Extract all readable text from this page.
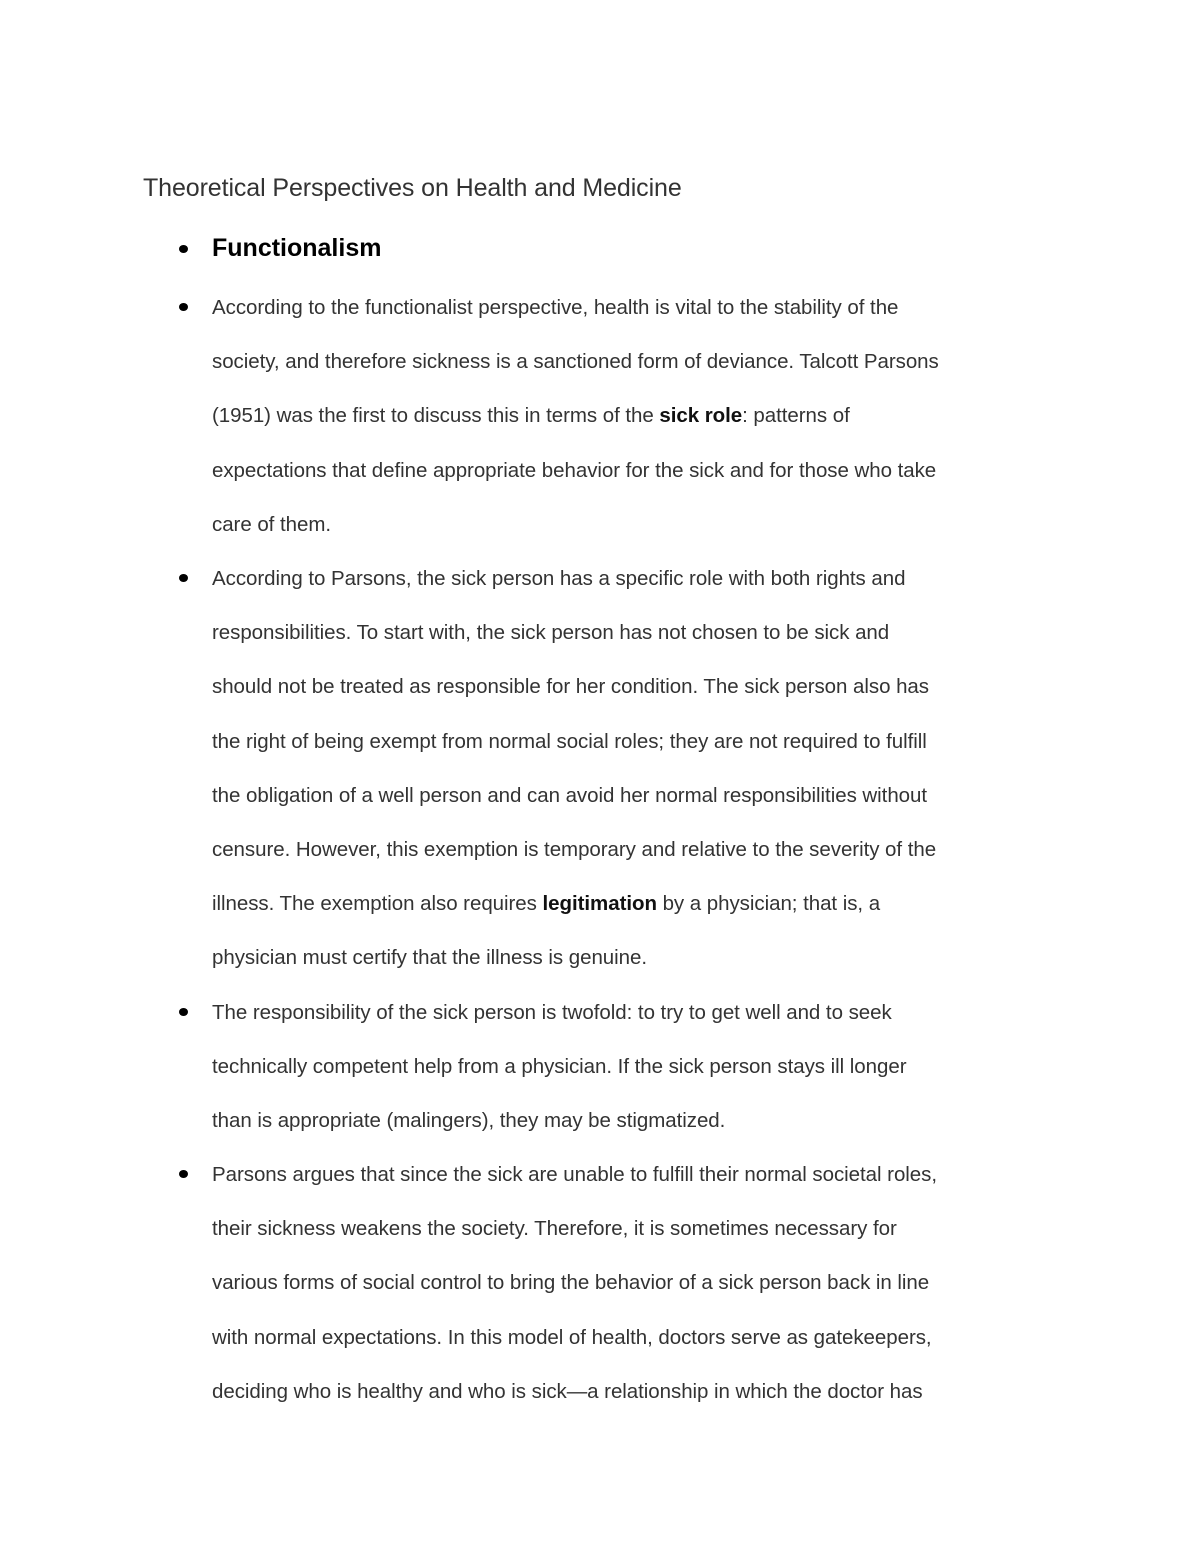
Theoretical Perspectives on Health and Medicine
Functionalism
According to the functionalist perspective, health is vital to the stability of the
society, and therefore sickness is a sanctioned form of deviance. Talcott Parsons
(1951) was the first to discuss this in terms of the sick role: patterns of
expectations that define appropriate behavior for the sick and for those who take
care of them.
According to Parsons, the sick person has a specific role with both rights and
responsibilities. To start with, the sick person has not chosen to be sick and
should not be treated as responsible for her condition. The sick person also has
the right of being exempt from normal social roles; they are not required to fulfill
the obligation of a well person and can avoid her normal responsibilities without
censure. However, this exemption is temporary and relative to the severity of the
illness. The exemption also requires legitimation by a physician; that is, a
physician must certify that the illness is genuine.
The responsibility of the sick person is twofold: to try to get well and to seek
technically competent help from a physician. If the sick person stays ill longer
than is appropriate (malingers), they may be stigmatized.
Parsons argues that since the sick are unable to fulfill their normal societal roles,
their sickness weakens the society. Therefore, it is sometimes necessary for
various forms of social control to bring the behavior of a sick person back in line
with normal expectations. In this model of health, doctors serve as gatekeepers,
deciding who is healthy and who is sick—a relationship in which the doctor has
